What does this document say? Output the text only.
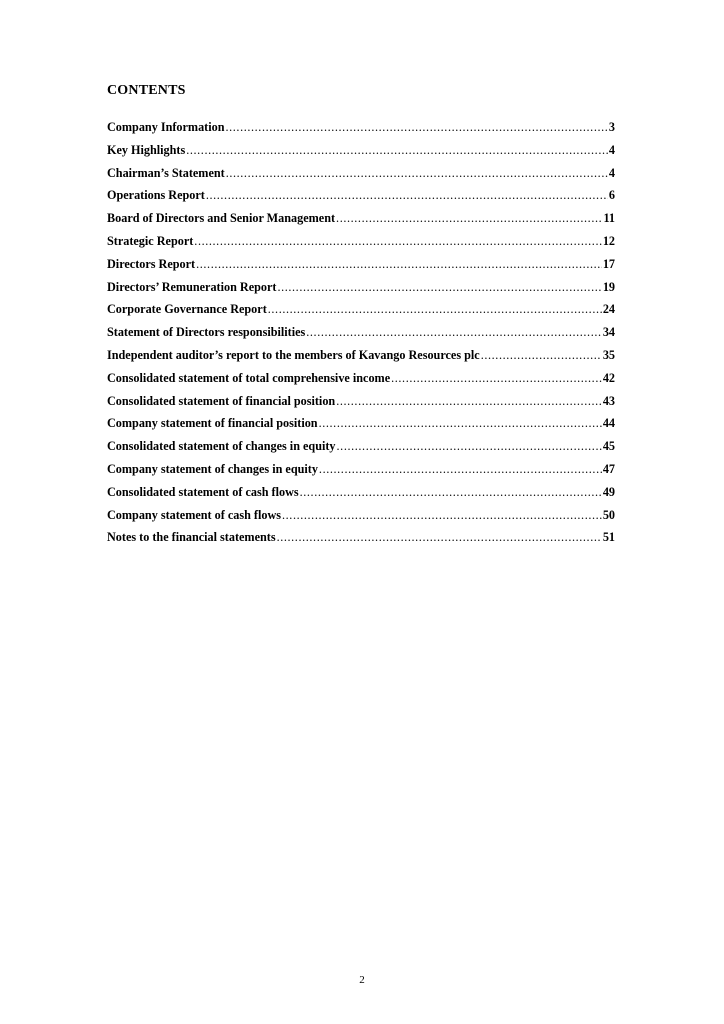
CONTENTS
Company Information .....	3
Key Highlights .....	4
Chairman’s Statement .....	4
Operations Report .....	6
Board of Directors and Senior Management .....	11
Strategic Report .....	12
Directors Report .....	17
Directors’ Remuneration Report .....	19
Corporate Governance Report .....	24
Statement of Directors responsibilities .....	34
Independent auditor’s report to the members of Kavango Resources plc .....	35
Consolidated statement of total comprehensive income .....	42
Consolidated statement of financial position .....	43
Company statement of financial position .....	44
Consolidated statement of changes in equity .....	45
Company statement of changes in equity .....	47
Consolidated statement of cash flows .....	49
Company statement of cash flows .....	50
Notes to the financial statements .....	51
2
